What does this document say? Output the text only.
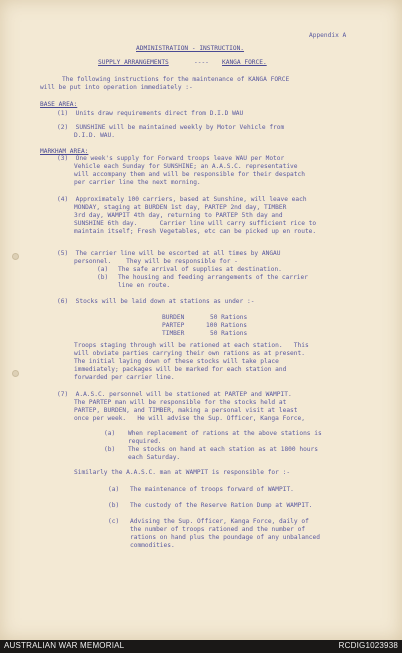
Appendix A
ADMINISTRATION - INSTRUCTION.
SUPPLY ARRANGEMENTS	---- KANGA FORCE.
The following instructions for the maintenance of KANGA FORCE
will be put into operation immediately :-
BASE AREA:
(1)  Units draw requirements direct from D.I.D WAU
(2)  SUNSHINE will be maintained weekly by Motor Vehicle from
D.I.D. WAU.
MARKHAM AREA:
(3)  One week's supply for Forward troops leave WAU per Motor
Vehicle each Sunday for SUNSHINE; an A.A.S.C. representative
will accompany them and will be responsible for their despatch
per carrier line the next morning.
(4)  Approximately 100 carriers, based at Sunshine, will leave each
MONDAY, staging at BURDEN 1st day, PARTEP 2nd day, TIMBER
3rd day, WAMPIT 4th day, returning to PARTEP 5th day and
SUNSHINE 6th day.      Carrier line will carry sufficient rice to
maintain itself; Fresh Vegetables, etc can be picked up en route.
(5)  The carrier line will be escorted at all times by ANGAU
personnel.    They will be responsible for -
(a) The safe arrival of supplies at destination.
(b) The housing and feeding arrangements of the carrier
line en route.
(6)  Stocks will be laid down at stations as under :-
BURDEN	50 Rations
PARTEP	100 Rations
TIMBER	50 Rations
Troops staging through will be rationed at each station.   This
will obviate parties carrying their own rations as at present.
The initial laying down of these stocks will take place
immediately; packages will be marked for each station and
forwarded per carrier line.
(7)  A.A.S.C. personnel will be stationed at PARTEP and WAMPIT.
The PARTEP man will be responsible for the stocks held at
PARTEP, BURDEN, and TIMBER, making a personal visit at least
once per week.   He will advise the Sup. Officer, Kanga Force,
(a) When replacement of rations at the above stations is
required.
(b) The stocks on hand at each station as at 1800 hours
each Saturday.
Similarly the A.A.S.C. man at WAMPIT is responsible for :-
(a) The maintenance of troops forward of WAMPIT.
(b) The custody of the Reserve Ration Dump at WAMPIT.
(c) Advising the Sup. Officer, Kanga Force, daily of
the number of troops rationed and the number of
rations on hand plus the poundage of any unbalanced
commodities.
AUSTRALIAN WAR MEMORIAL	RCDIG1023938
